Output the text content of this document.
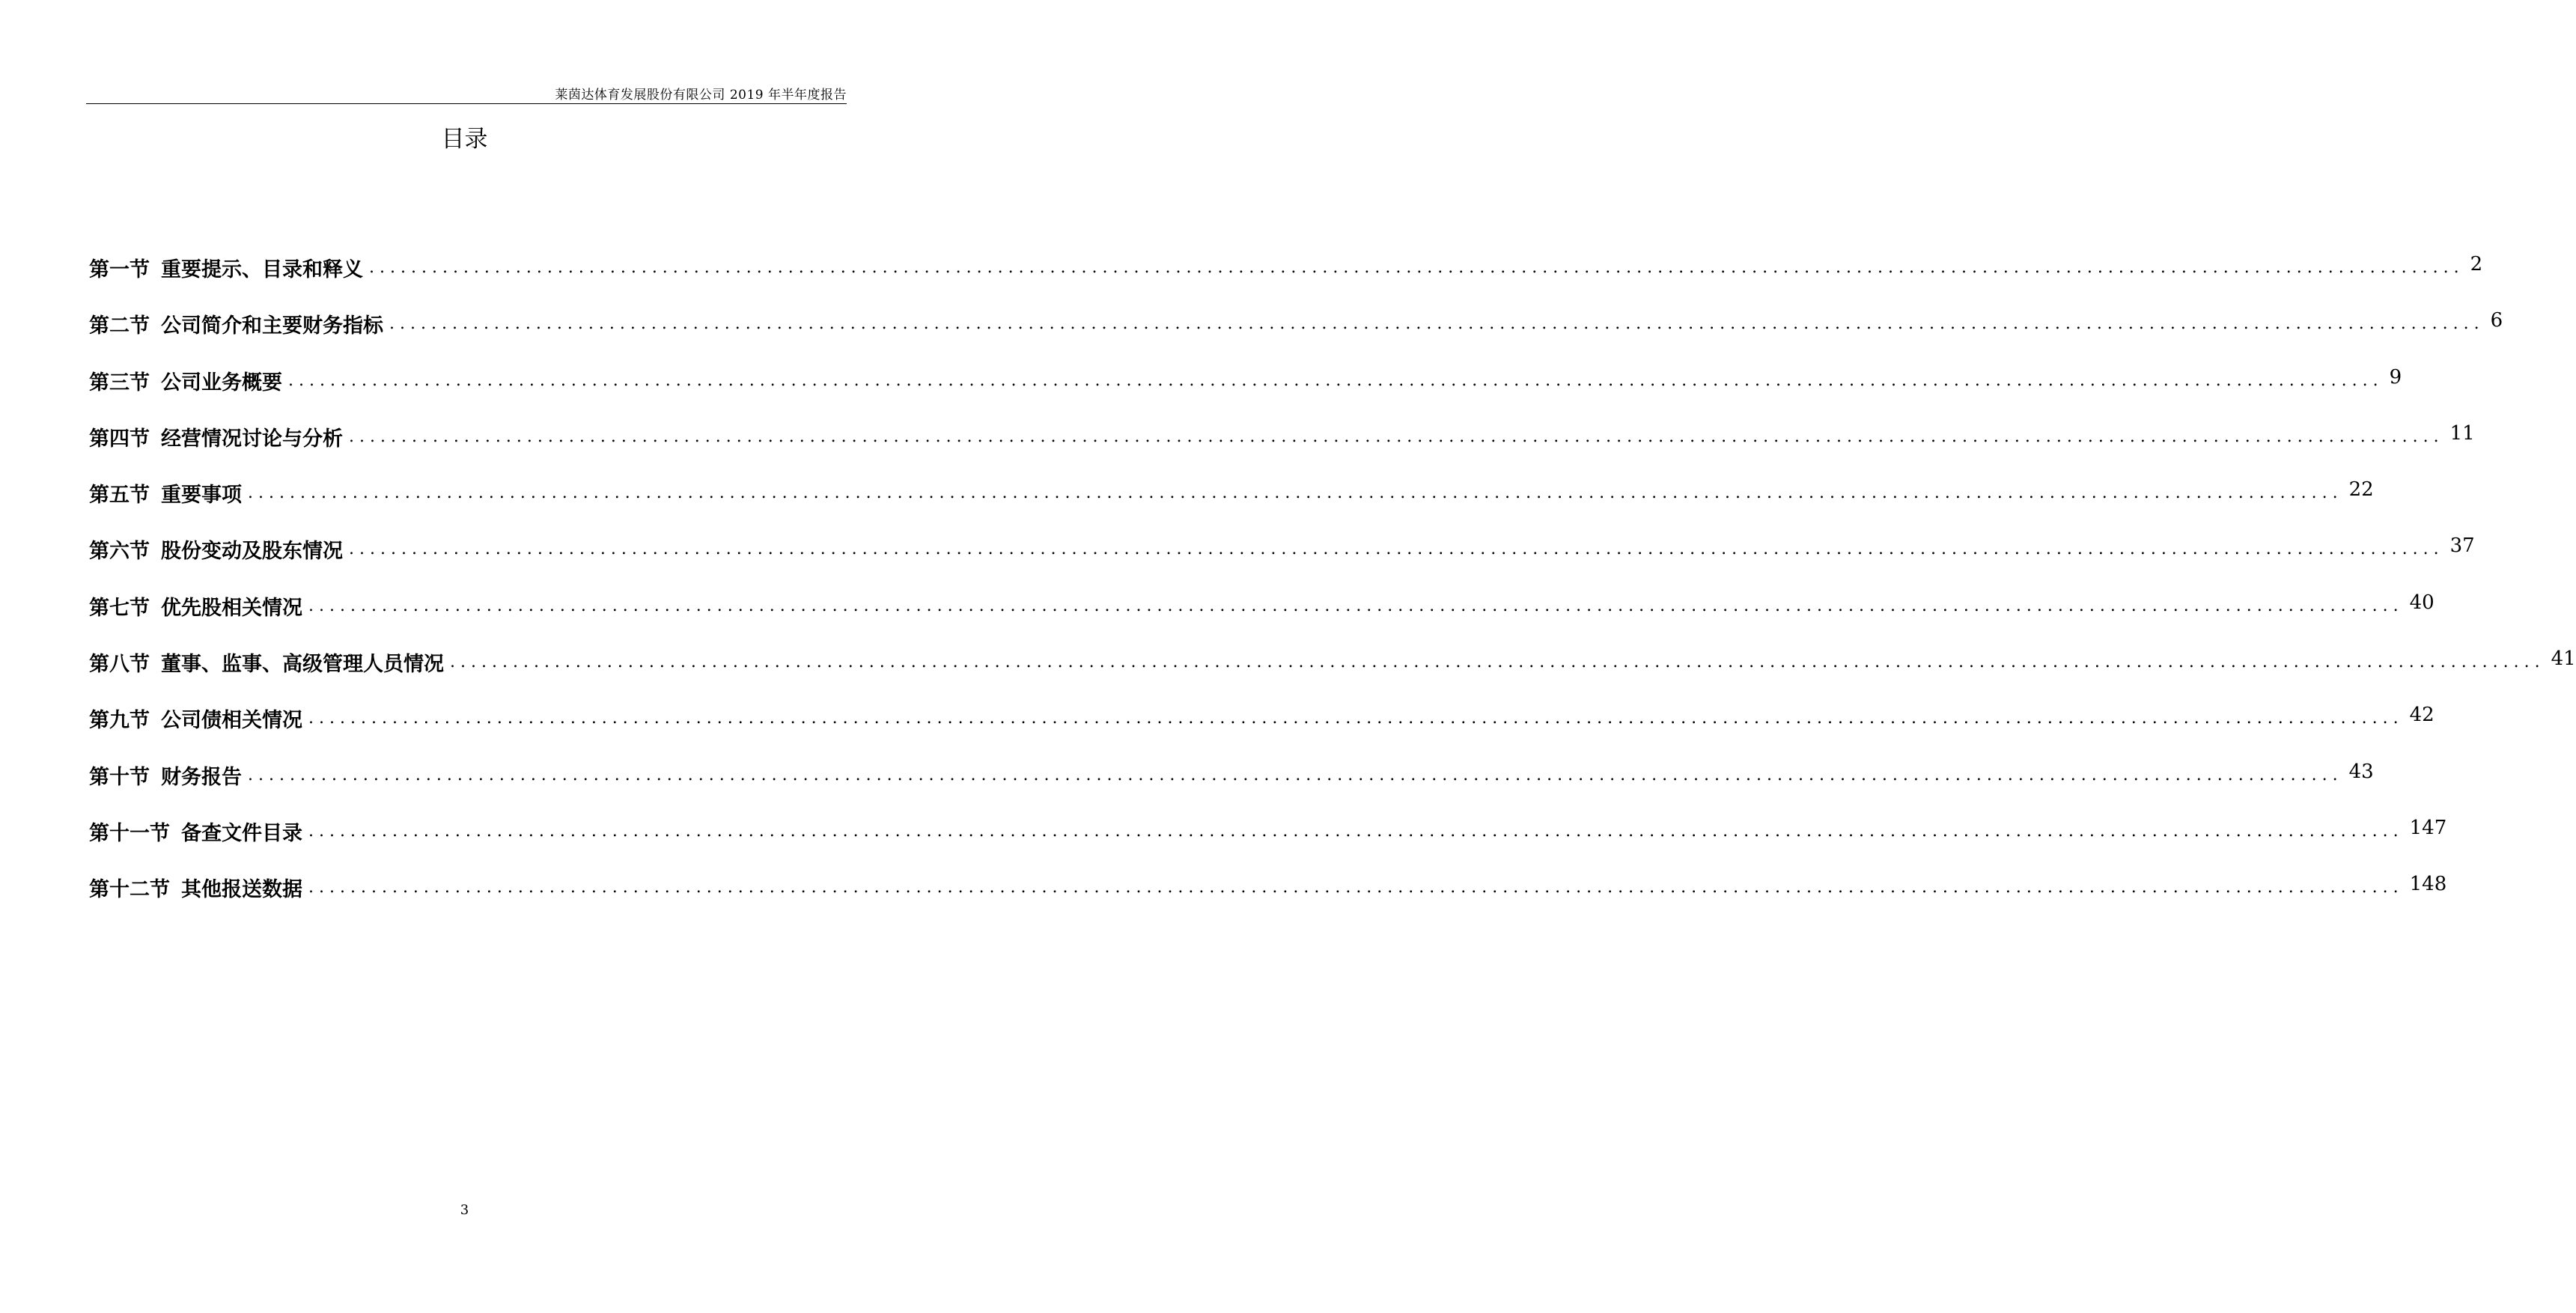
莱茵达体育发展股份有限公司 2019 年半年度报告
目录
第一节 重要提示、目录和释义 ........................................................................................................................................................................................................ 2
第二节 公司简介和主要财务指标 ........................................................................................................................................................................................................ 6
第三节 公司业务概要 ........................................................................................................................................................................................................ 9
第四节 经营情况讨论与分析 ........................................................................................................................................................................................................ 11
第五节 重要事项 ........................................................................................................................................................................................................ 22
第六节 股份变动及股东情况 ........................................................................................................................................................................................................ 37
第七节 优先股相关情况 ........................................................................................................................................................................................................ 40
第八节 董事、监事、高级管理人员情况 ........................................................................................................................................................................................................ 41
第九节 公司债相关情况 ........................................................................................................................................................................................................ 42
第十节 财务报告 ........................................................................................................................................................................................................ 43
第十一节 备查文件目录 ........................................................................................................................................................................................................ 147
第十二节 其他报送数据 ........................................................................................................................................................................................................ 148
3
